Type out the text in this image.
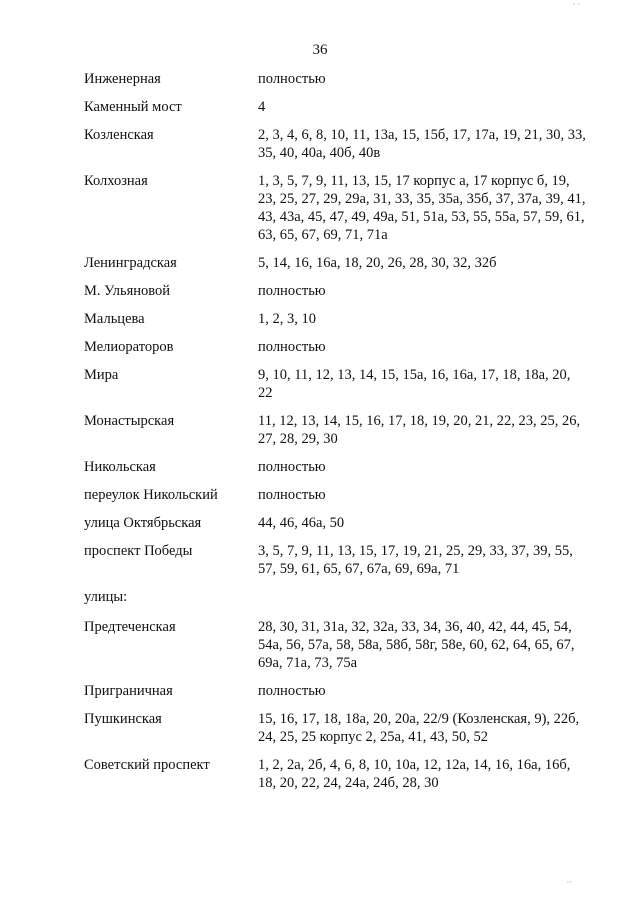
· ·
36
Инженерная	полностью
Каменный мост	4
Козленская	2, 3, 4, 6, 8, 10, 11, 13а, 15, 15б, 17, 17а, 19, 21, 30, 33, 35, 40, 40а, 40б, 40в
Колхозная	1, 3, 5, 7, 9, 11, 13, 15, 17 корпус а, 17 корпус б, 19, 23, 25, 27, 29, 29а, 31, 33, 35, 35а, 35б, 37, 37а, 39, 41, 43, 43а, 45, 47, 49, 49а, 51, 51а, 53, 55, 55а, 57, 59, 61, 63, 65, 67, 69, 71, 71а
Ленинградская	5, 14, 16, 16а, 18, 20, 26, 28, 30, 32, 32б
М. Ульяновой	полностью
Мальцева	1, 2, 3, 10
Мелиораторов	полностью
Мира	9, 10, 11, 12, 13, 14, 15, 15а, 16, 16а, 17, 18, 18а, 20, 22
Монастырская	11, 12, 13, 14, 15, 16, 17, 18, 19, 20, 21, 22, 23, 25, 26, 27, 28, 29, 30
Никольская	полностью
переулок Никольский	полностью
улица Октябрьская	44, 46, 46а, 50
проспект Победы	3, 5, 7, 9, 11, 13, 15, 17, 19, 21, 25, 29, 33, 37, 39, 55, 57, 59, 61, 65, 67, 67а, 69, 69а, 71
улицы:
Предтеченская	28, 30, 31, 31а, 32, 32а, 33, 34, 36, 40, 42, 44, 45, 54, 54а, 56, 57а, 58, 58а, 58б, 58г, 58е, 60, 62, 64, 65, 67, 69а, 71а, 73, 75а
Приграничная	полностью
Пушкинская	15, 16, 17, 18, 18а, 20, 20а, 22/9 (Козленская, 9), 22б, 24, 25, 25 корпус 2, 25а, 41, 43, 50, 52
Советский проспект	1, 2, 2а, 2б, 4, 6, 8, 10, 10а, 12, 12а, 14, 16, 16а, 16б, 18, 20, 22, 24, 24а, 24б, 28, 30
··
